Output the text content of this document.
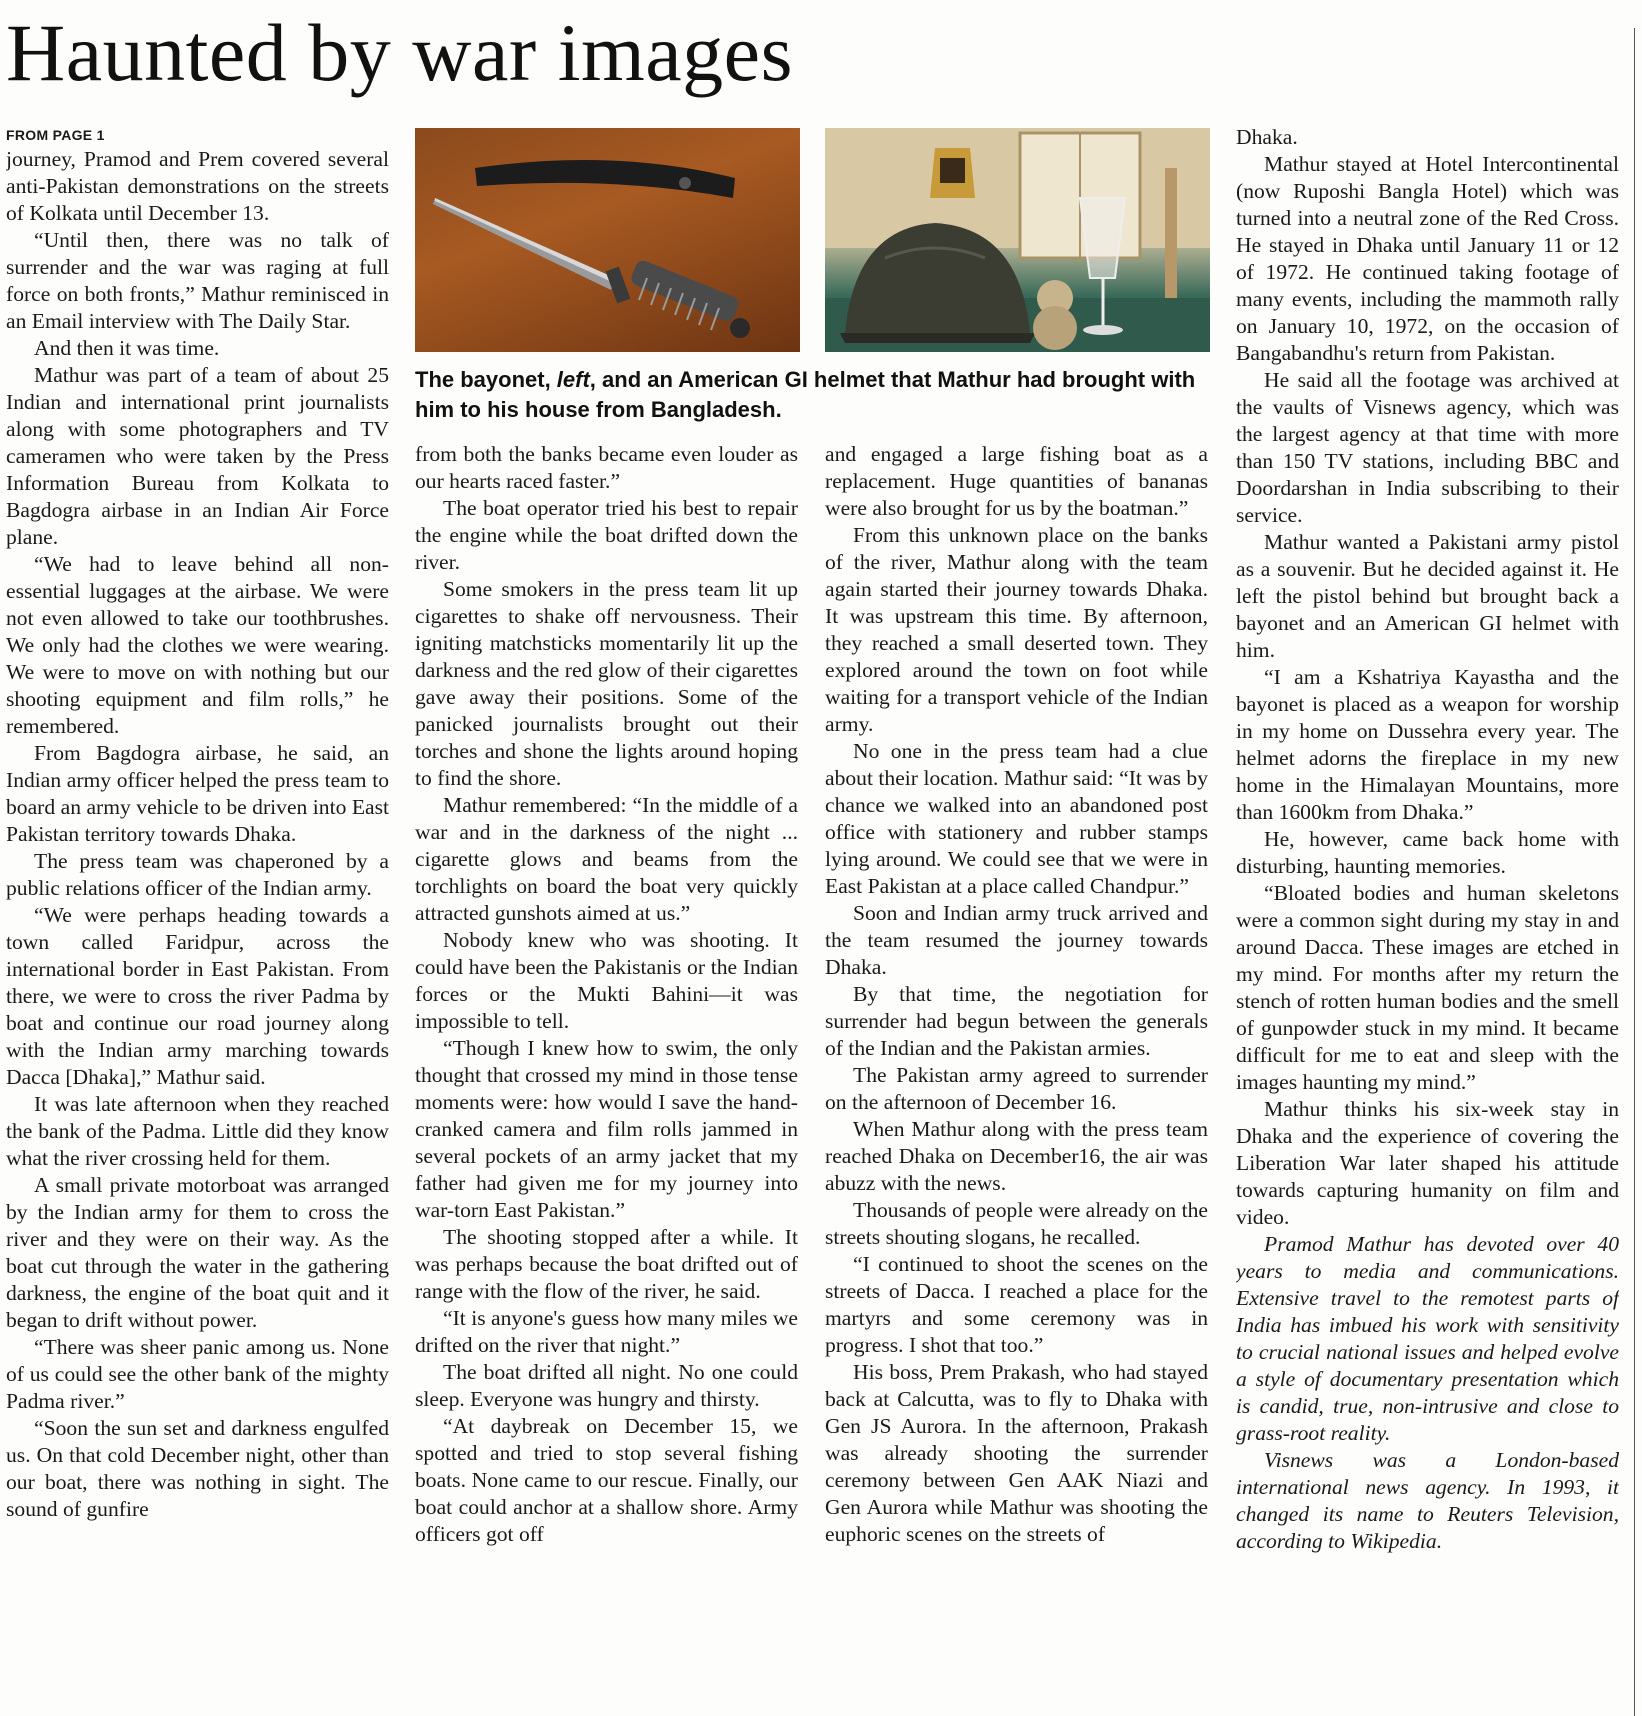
Haunted by war images

FROM PAGE 1

journey, Pramod and Prem covered several anti-Pakistan demonstrations on the streets of Kolkata until December 13.

“Until then, there was no talk of surrender and the war was raging at full force on both fronts,” Mathur reminisced in an Email interview with The Daily Star.

And then it was time.

Mathur was part of a team of about 25 Indian and international print journalists along with some photographers and TV cameramen who were taken by the Press Information Bureau from Kolkata to Bagdogra airbase in an Indian Air Force plane.

“We had to leave behind all non-essential luggages at the airbase. We were not even allowed to take our toothbrushes. We only had the clothes we were wearing. We were to move on with nothing but our shooting equipment and film rolls,” he remembered.

From Bagdogra airbase, he said, an Indian army officer helped the press team to board an army vehicle to be driven into East Pakistan territory towards Dhaka.

The press team was chaperoned by a public relations officer of the Indian army.

“We were perhaps heading towards a town called Faridpur, across the international border in East Pakistan. From there, we were to cross the river Padma by boat and continue our road journey along with the Indian army marching towards Dacca [Dhaka],” Mathur said.

It was late afternoon when they reached the bank of the Padma. Little did they know what the river crossing held for them.

A small private motorboat was arranged by the Indian army for them to cross the river and they were on their way. As the boat cut through the water in the gathering darkness, the engine of the boat quit and it began to drift without power.

“There was sheer panic among us. None of us could see the other bank of the mighty Padma river.”

“Soon the sun set and darkness engulfed us. On that cold December night, other than our boat, there was nothing in sight. The sound of gunfire

The bayonet, left, and an American GI helmet that Mathur had brought with him to his house from Bangladesh.

from both the banks became even louder as our hearts raced faster.”

The boat operator tried his best to repair the engine while the boat drifted down the river.

Some smokers in the press team lit up cigarettes to shake off nervousness. Their igniting matchsticks momentarily lit up the darkness and the red glow of their cigarettes gave away their positions. Some of the panicked journalists brought out their torches and shone the lights around hoping to find the shore.

Mathur remembered: “In the middle of a war and in the darkness of the night ... cigarette glows and beams from the torchlights on board the boat very quickly attracted gunshots aimed at us.”

Nobody knew who was shooting. It could have been the Pakistanis or the Indian forces or the Mukti Bahini—it was impossible to tell.

“Though I knew how to swim, the only thought that crossed my mind in those tense moments were: how would I save the hand-cranked camera and film rolls jammed in several pockets of an army jacket that my father had given me for my journey into war-torn East Pakistan.”

The shooting stopped after a while. It was perhaps because the boat drifted out of range with the flow of the river, he said.

“It is anyone's guess how many miles we drifted on the river that night.”

The boat drifted all night. No one could sleep. Everyone was hungry and thirsty.

“At daybreak on December 15, we spotted and tried to stop several fishing boats. None came to our rescue. Finally, our boat could anchor at a shallow shore. Army officers got off

and engaged a large fishing boat as a replacement. Huge quantities of bananas were also brought for us by the boatman.”

From this unknown place on the banks of the river, Mathur along with the team again started their journey towards Dhaka. It was upstream this time. By afternoon, they reached a small deserted town. They explored around the town on foot while waiting for a transport vehicle of the Indian army.

No one in the press team had a clue about their location. Mathur said: “It was by chance we walked into an abandoned post office with stationery and rubber stamps lying around. We could see that we were in East Pakistan at a place called Chandpur.”

Soon and Indian army truck arrived and the team resumed the journey towards Dhaka.

By that time, the negotiation for surrender had begun between the generals of the Indian and the Pakistan armies.

The Pakistan army agreed to surrender on the afternoon of December 16.

When Mathur along with the press team reached Dhaka on December16, the air was abuzz with the news.

Thousands of people were already on the streets shouting slogans, he recalled.

“I continued to shoot the scenes on the streets of Dacca. I reached a place for the martyrs and some ceremony was in progress. I shot that too.”

His boss, Prem Prakash, who had stayed back at Calcutta, was to fly to Dhaka with Gen JS Aurora. In the afternoon, Prakash was already shooting the surrender ceremony between Gen AAK Niazi and Gen Aurora while Mathur was shooting the euphoric scenes on the streets of

Dhaka.

Mathur stayed at Hotel Intercontinental (now Ruposhi Bangla Hotel) which was turned into a neutral zone of the Red Cross. He stayed in Dhaka until January 11 or 12 of 1972. He continued taking footage of many events, including the mammoth rally on January 10, 1972, on the occasion of Bangabandhu's return from Pakistan.

He said all the footage was archived at the vaults of Visnews agency, which was the largest agency at that time with more than 150 TV stations, including BBC and Doordarshan in India subscribing to their service.

Mathur wanted a Pakistani army pistol as a souvenir. But he decided against it. He left the pistol behind but brought back a bayonet and an American GI helmet with him.

“I am a Kshatriya Kayastha and the bayonet is placed as a weapon for worship in my home on Dussehra every year. The helmet adorns the fireplace in my new home in the Himalayan Mountains, more than 1600km from Dhaka.”

He, however, came back home with disturbing, haunting memories.

“Bloated bodies and human skeletons were a common sight during my stay in and around Dacca. These images are etched in my mind. For months after my return the stench of rotten human bodies and the smell of gunpowder stuck in my mind. It became difficult for me to eat and sleep with the images haunting my mind.”

Mathur thinks his six-week stay in Dhaka and the experience of covering the Liberation War later shaped his attitude towards capturing humanity on film and video.

Pramod Mathur has devoted over 40 years to media and communications. Extensive travel to the remotest parts of India has imbued his work with sensitivity to crucial national issues and helped evolve a style of documentary presentation which is candid, true, non-intrusive and close to grass-root reality.

Visnews was a London-based international news agency. In 1993, it changed its name to Reuters Television, according to Wikipedia.
